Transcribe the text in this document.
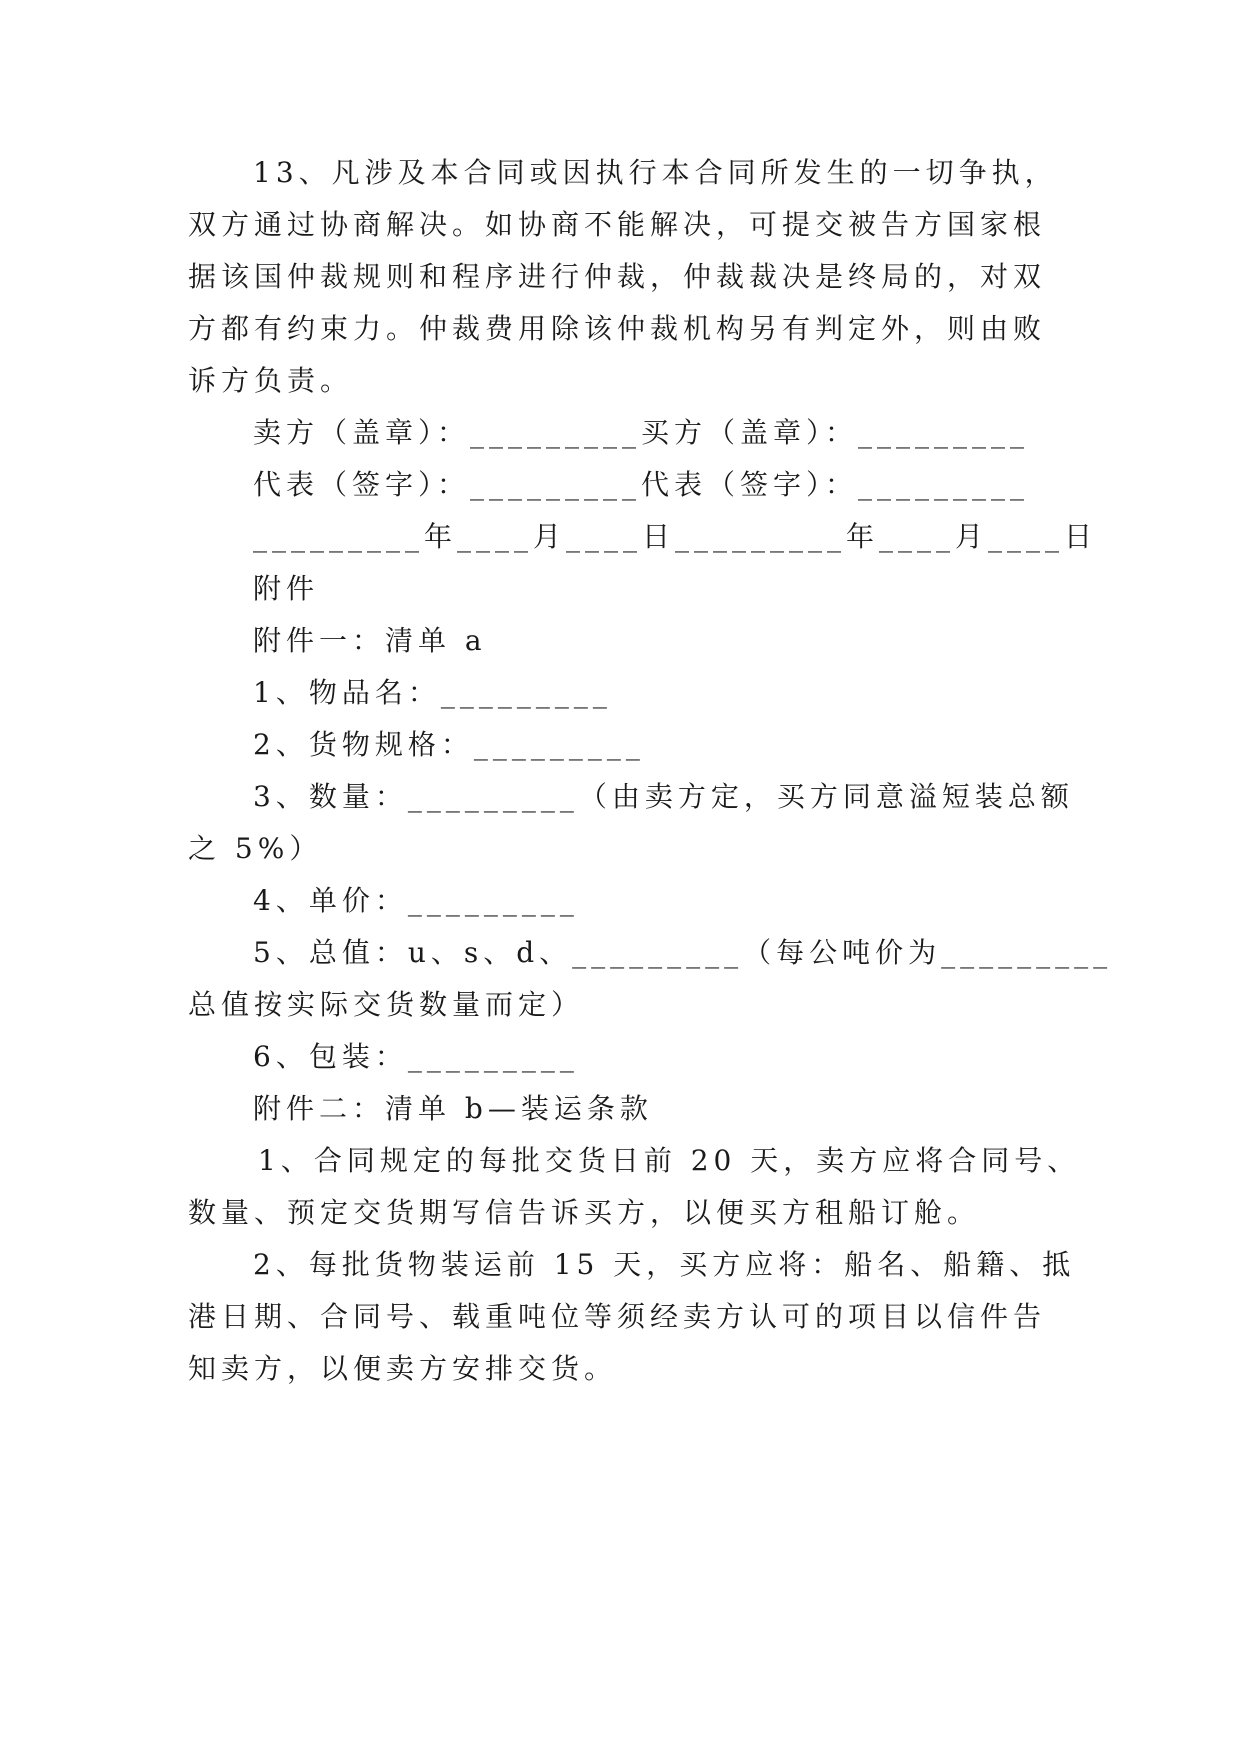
13、凡涉及本合同或因执行本合同所发生的一切争执，
双方通过协商解决。如协商不能解决，可提交被告方国家根
据该国仲裁规则和程序进行仲裁，仲裁裁决是终局的，对双
方都有约束力。仲裁费用除该仲裁机构另有判定外，则由败
诉方负责。
卖方（盖章）：_________买方（盖章）：_________
代表（签字）：_________代表（签字）：_________
_________年____月____日_________年____月____日
附件
附件一：清单 a
1、物品名：_________
2、货物规格：_________
3、数量：_________（由卖方定，买方同意溢短装总额
之 5%）
4、单价：_________
5、总值：u、s、d、_________（每公吨价为_________
总值按实际交货数量而定）
6、包装：_________
附件二：清单 b—装运条款
1、合同规定的每批交货日前 20 天，卖方应将合同号、
数量、预定交货期写信告诉买方，以便买方租船订舱。
2、每批货物装运前 15 天，买方应将：船名、船籍、抵
港日期、合同号、载重吨位等须经卖方认可的项目以信件告
知卖方，以便卖方安排交货。
